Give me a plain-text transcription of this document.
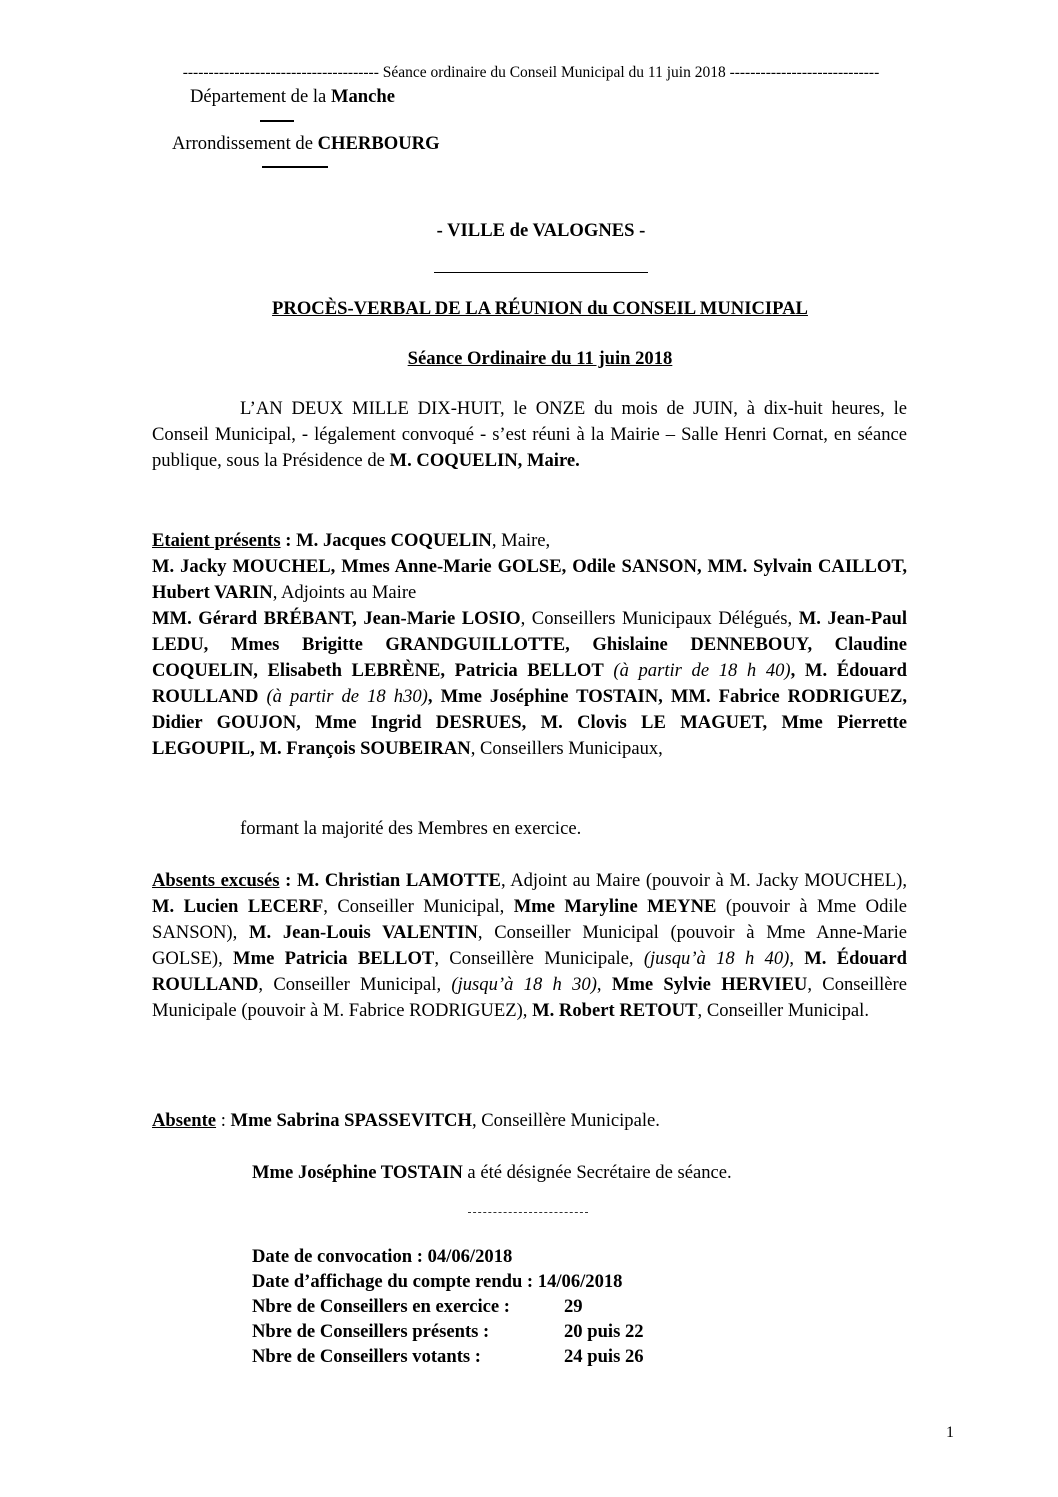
-------------------------------------- Séance ordinaire du Conseil Municipal du 11 juin 2018 -----------------------------
Département de la Manche
Arrondissement de CHERBOURG
- VILLE de VALOGNES -
PROCÈS-VERBAL DE LA RÉUNION du CONSEIL MUNICIPAL
Séance Ordinaire du 11 juin 2018
L’AN DEUX MILLE DIX-HUIT, le ONZE du mois de JUIN, à dix-huit heures, le Conseil Municipal, - légalement convoqué - s’est réuni à la Mairie – Salle Henri Cornat, en séance publique, sous la Présidence de M. COQUELIN, Maire.
Etaient présents : M. Jacques COQUELIN, Maire,
M. Jacky MOUCHEL, Mmes Anne-Marie GOLSE, Odile SANSON, MM. Sylvain CAILLOT, Hubert VARIN, Adjoints au Maire
MM. Gérard BRÉBANT, Jean-Marie LOSIO, Conseillers Municipaux Délégués, M. Jean-Paul LEDU, Mmes Brigitte GRANDGUILLOTTE, Ghislaine DENNEBOUY, Claudine COQUELIN, Elisabeth LEBRÈNE, Patricia BELLOT (à partir de 18 h 40), M. Édouard ROULLAND (à partir de 18 h30), Mme Joséphine TOSTAIN, MM. Fabrice RODRIGUEZ, Didier GOUJON, Mme Ingrid DESRUES, M. Clovis LE MAGUET, Mme Pierrette LEGOUPIL, M. François SOUBEIRAN, Conseillers Municipaux,
formant la majorité des Membres en exercice.
Absents excusés : M. Christian LAMOTTE, Adjoint au Maire (pouvoir à M. Jacky MOUCHEL), M. Lucien LECERF, Conseiller Municipal, Mme Maryline MEYNE (pouvoir à Mme Odile SANSON), M. Jean-Louis VALENTIN, Conseiller Municipal (pouvoir à Mme Anne-Marie GOLSE), Mme Patricia BELLOT, Conseillère Municipale, (jusqu’à 18 h 40), M. Édouard ROULLAND, Conseiller Municipal, (jusqu’à 18 h 30), Mme Sylvie HERVIEU, Conseillère Municipale (pouvoir à M. Fabrice RODRIGUEZ), M. Robert RETOUT, Conseiller Municipal.
Absente : Mme Sabrina SPASSEVITCH, Conseillère Municipale.
Mme Joséphine TOSTAIN a été désignée Secrétaire de séance.
Date de convocation : 04/06/2018	
Date d’affichage du compte rendu : 14/06/2018	
Nbre de Conseillers en exercice :	29
Nbre de Conseillers présents :	20 puis 22
Nbre de Conseillers votants :	24 puis 26
1
